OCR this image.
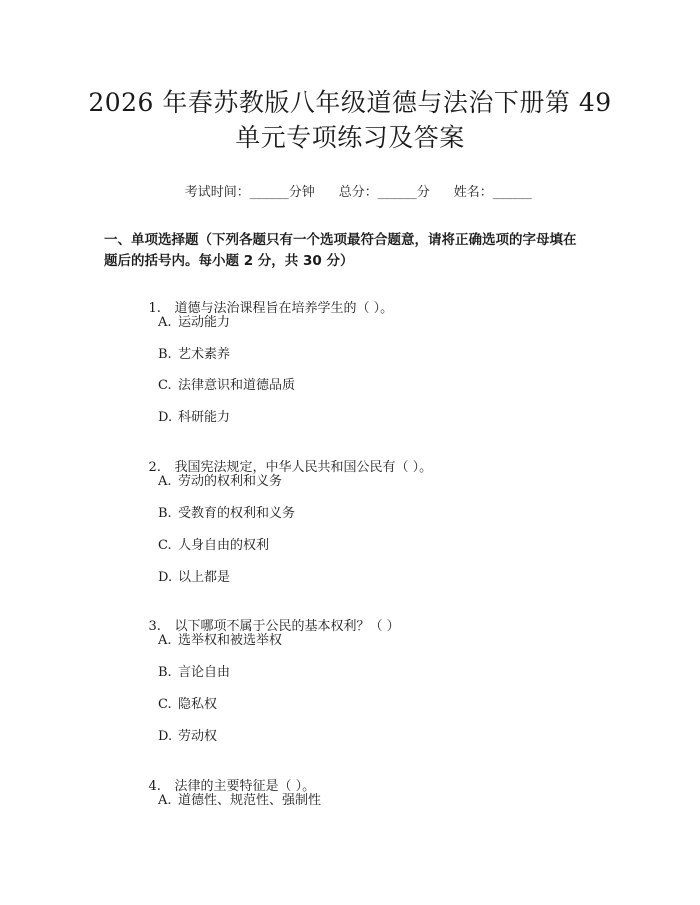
2026 年春苏教版八年级道德与法治下册第 49
单元专项练习及答案

考试时间：______分钟 总分：______分 姓名：______

一、单项选择题（下列各题只有一个选项最符合题意，请将正确选项的字母填在
题后的括号内。每小题 2 分，共 30 分）

1. 道德与法治课程旨在培养学生的（ ）。

A. 运动能力
B. 艺术素养
C. 法律意识和道德品质
D. 科研能力

2. 我国宪法规定，中华人民共和国公民有（ ）。

A. 劳动的权利和义务
B. 受教育的权利和义务
C. 人身自由的权利
D. 以上都是

3. 以下哪项不属于公民的基本权利？（ ）

A. 选举权和被选举权
B. 言论自由
C. 隐私权
D. 劳动权

4. 法律的主要特征是（ ）。

A. 道德性、规范性、强制性
